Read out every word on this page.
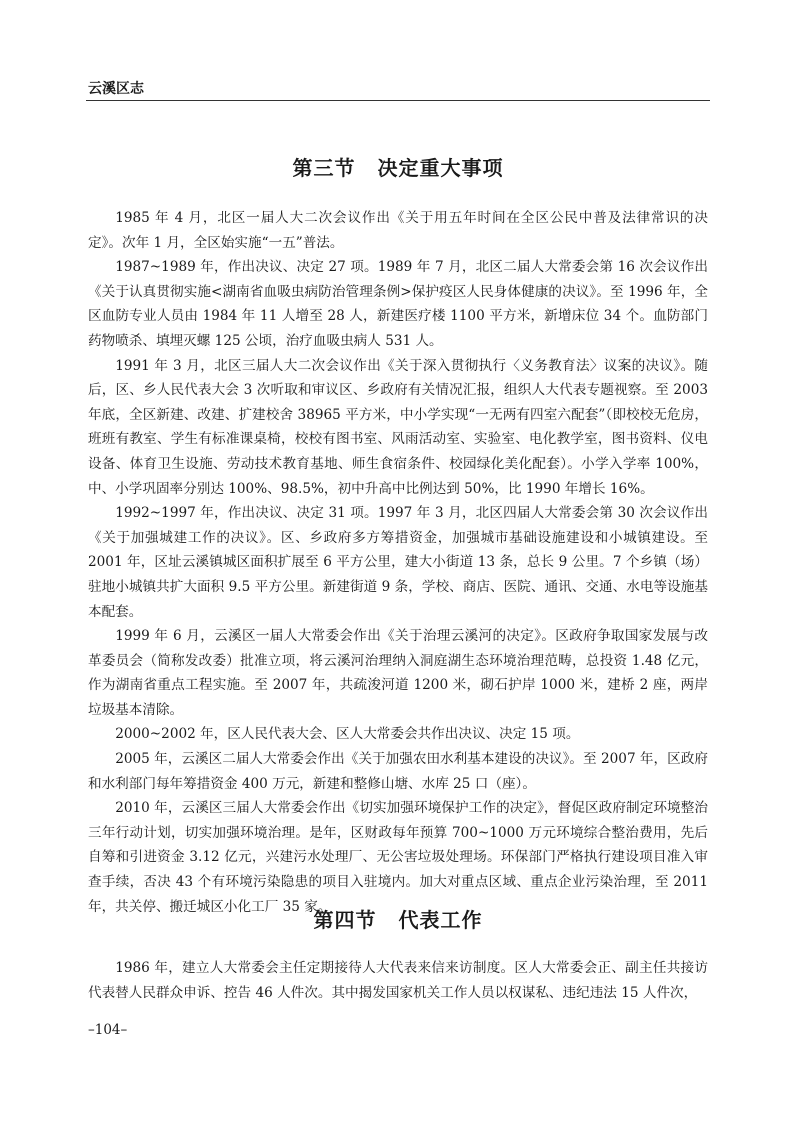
云溪区志
第三节 决定重大事项

1985 年 4 月，北区一届人大二次会议作出《关于用五年时间在全区公民中普及法律常识的决定》。次年 1 月，全区始实施“一五”普法。

1987~1989 年，作出决议、决定 27 项。1989 年 7 月，北区二届人大常委会第 16 次会议作出《关于认真贯彻实施<湖南省血吸虫病防治管理条例>保护疫区人民身体健康的决议》。至 1996 年，全区血防专业人员由 1984 年 11 人增至 28 人，新建医疗楼 1100 平方米，新增床位 34 个。血防部门药物喷杀、填埋灭螺 125 公顷，治疗血吸虫病人 531 人。

1991 年 3 月，北区三届人大二次会议作出《关于深入贯彻执行〈义务教育法〉议案的决议》。随后，区、乡人民代表大会 3 次听取和审议区、乡政府有关情况汇报，组织人大代表专题视察。至 2003 年底，全区新建、改建、扩建校舍 38965 平方米，中小学实现“一无两有四室六配套”（即校校无危房，班班有教室、学生有标准课桌椅，校校有图书室、风雨活动室、实验室、电化教学室，图书资料、仪电设备、体育卫生设施、劳动技术教育基地、师生食宿条件、校园绿化美化配套）。小学入学率 100%，中、小学巩固率分别达 100%、98.5%，初中升高中比例达到 50%，比 1990 年增长 16%。

1992~1997 年，作出决议、决定 31 项。1997 年 3 月，北区四届人大常委会第 30 次会议作出《关于加强城建工作的决议》。区、乡政府多方筹措资金，加强城市基础设施建设和小城镇建设。至 2001 年，区址云溪镇城区面积扩展至 6 平方公里，建大小街道 13 条，总长 9 公里。7 个乡镇（场）驻地小城镇共扩大面积 9.5 平方公里。新建街道 9 条，学校、商店、医院、通讯、交通、水电等设施基本配套。

1999 年 6 月，云溪区一届人大常委会作出《关于治理云溪河的决定》。区政府争取国家发展与改革委员会（简称发改委）批准立项，将云溪河治理纳入洞庭湖生态环境治理范畴，总投资 1.48 亿元，作为湖南省重点工程实施。至 2007 年，共疏浚河道 1200 米，砌石护岸 1000 米，建桥 2 座，两岸垃圾基本清除。

2000~2002 年，区人民代表大会、区人大常委会共作出决议、决定 15 项。

2005 年，云溪区二届人大常委会作出《关于加强农田水利基本建设的决议》。至 2007 年，区政府和水利部门每年筹措资金 400 万元，新建和整修山塘、水库 25 口（座）。

2010 年，云溪区三届人大常委会作出《切实加强环境保护工作的决定》，督促区政府制定环境整治三年行动计划，切实加强环境治理。是年，区财政每年预算 700~1000 万元环境综合整治费用，先后自筹和引进资金 3.12 亿元，兴建污水处理厂、无公害垃圾处理场。环保部门严格执行建设项目准入审查手续，否决 43 个有环境污染隐患的项目入驻境内。加大对重点区域、重点企业污染治理，至 2011 年，共关停、搬迁城区小化工厂 35 家。

第四节 代表工作

1986 年，建立人大常委会主任定期接待人大代表来信来访制度。区人大常委会正、副主任共接访代表替人民群众申诉、控告 46 人件次。其中揭发国家机关工作人员以权谋私、违纪违法 15 人件次，

–104–
